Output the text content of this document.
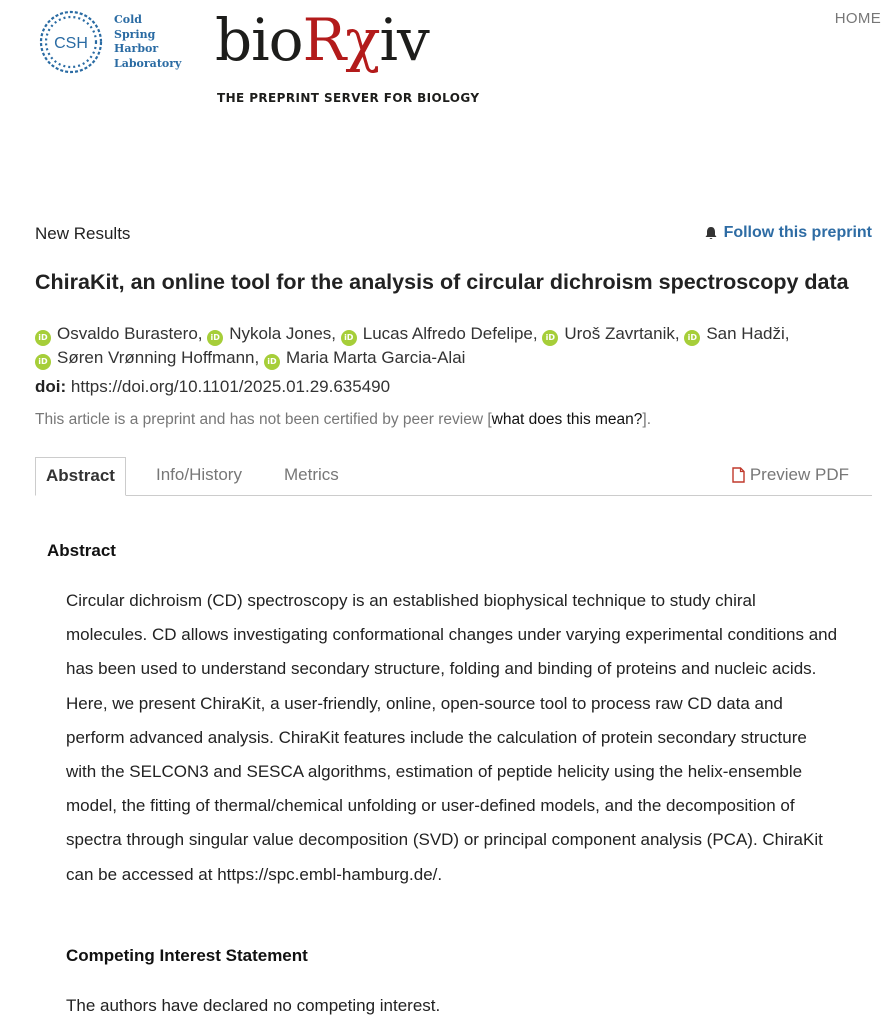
CSH
Cold
Spring
Harbor
Laboratory bioRχiv
THE PREPRINT SERVER FOR BIOLOGY
HOME
New Results	Follow this preprint
ChiraKit, an online tool for the analysis of circular dichroism spectroscopy data
iD Osvaldo Burastero, iD Nykola Jones, iD Lucas Alfredo Defelipe, iD Uroš Zavrtanik, iD San Hadži,
iD Søren Vrønning Hoffmann, iD Maria Marta Garcia-Alai
doi: https://doi.org/10.1101/2025.01.29.635490
This article is a preprint and has not been certified by peer review [what does this mean?].
Abstract	Info/History Metrics	Preview PDF
Abstract
Circular dichroism (CD) spectroscopy is an established biophysical technique to study chiral molecules. CD allows investigating conformational changes under varying experimental conditions and has been used to understand secondary structure, folding and binding of proteins and nucleic acids. Here, we present ChiraKit, a user-friendly, online, open-source tool to process raw CD data and perform advanced analysis. ChiraKit features include the calculation of protein secondary structure with the SELCON3 and SESCA algorithms, estimation of peptide helicity using the helix-ensemble model, the fitting of thermal/chemical unfolding or user-defined models, and the decomposition of spectra through singular value decomposition (SVD) or principal component analysis (PCA). ChiraKit can be accessed at https://spc.embl-hamburg.de/.
Competing Interest Statement
The authors have declared no competing interest.
